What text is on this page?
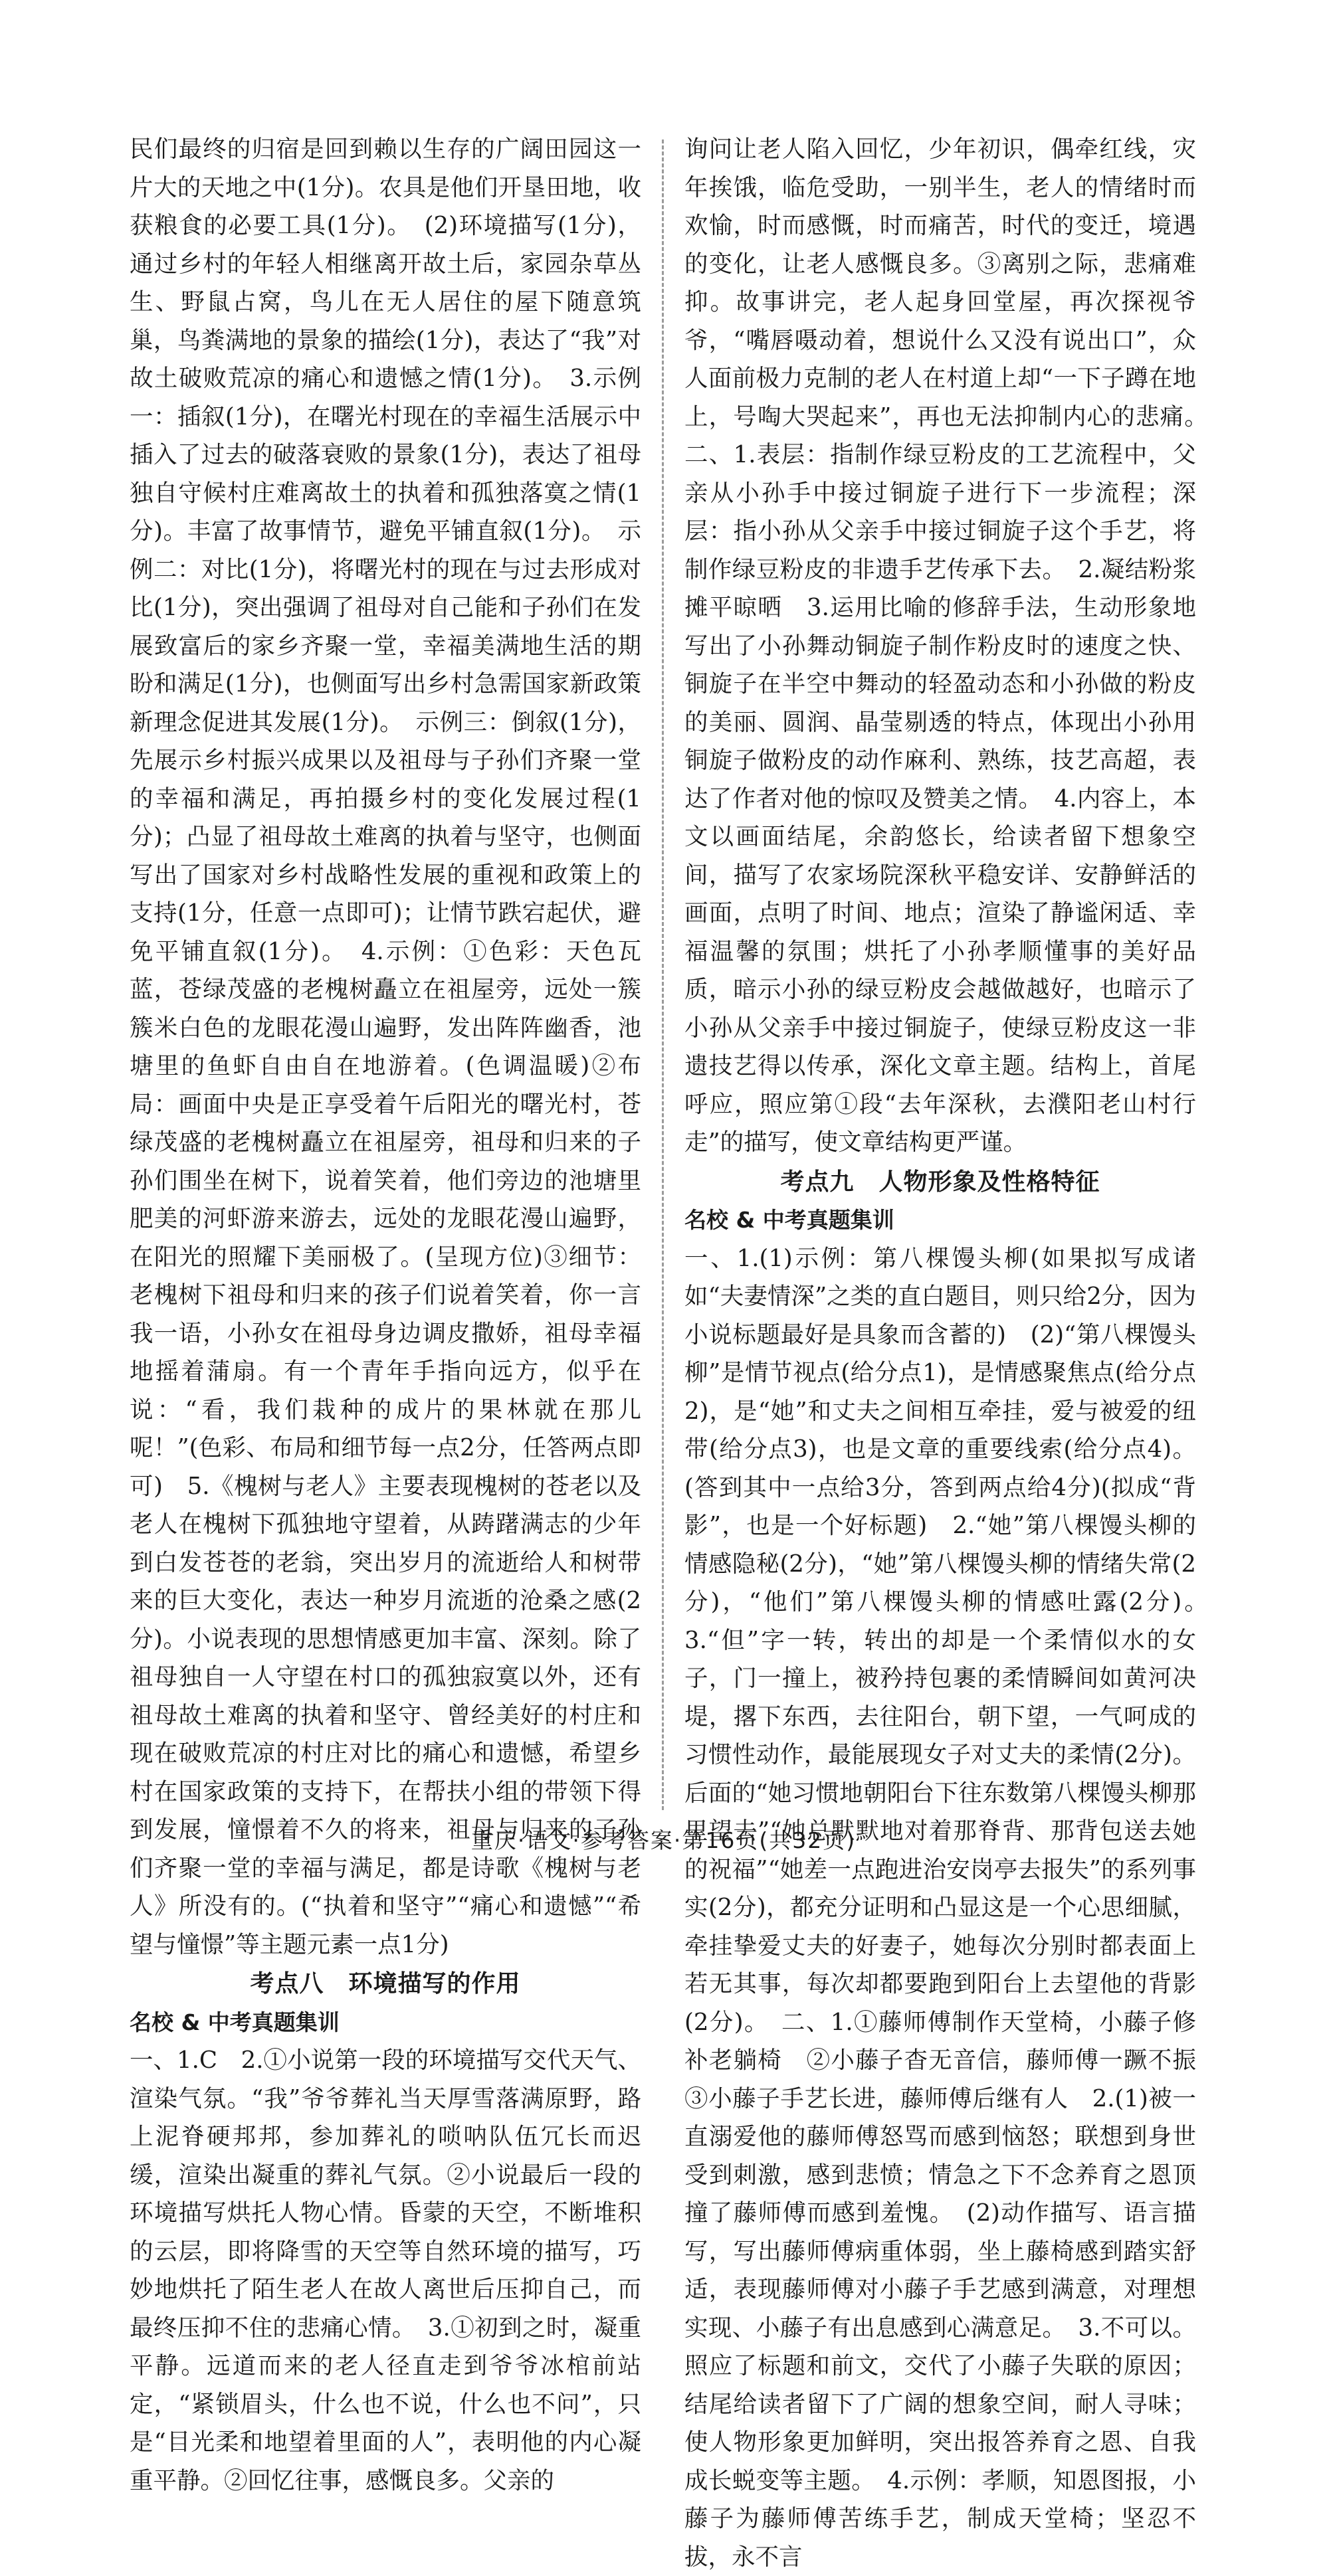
民们最终的归宿是回到赖以生存的广阔田园这一片大的天地之中(1分)。农具是他们开垦田地，收获粮食的必要工具(1分)。　(2)环境描写(1分)，通过乡村的年轻人相继离开故土后，家园杂草丛生、野鼠占窝，鸟儿在无人居住的屋下随意筑巢，鸟粪满地的景象的描绘(1分)，表达了“我”对故土破败荒凉的痛心和遗憾之情(1分)。　3.示例一：插叙(1分)，在曙光村现在的幸福生活展示中插入了过去的破落衰败的景象(1分)，表达了祖母独自守候村庄难离故土的执着和孤独落寞之情(1分)。丰富了故事情节，避免平铺直叙(1分)。　示例二：对比(1分)，将曙光村的现在与过去形成对比(1分)，突出强调了祖母对自己能和子孙们在发展致富后的家乡齐聚一堂，幸福美满地生活的期盼和满足(1分)，也侧面写出乡村急需国家新政策新理念促进其发展(1分)。　示例三：倒叙(1分)，先展示乡村振兴成果以及祖母与子孙们齐聚一堂的幸福和满足，再拍摄乡村的变化发展过程(1分)；凸显了祖母故土难离的执着与坚守，也侧面写出了国家对乡村战略性发展的重视和政策上的支持(1分，任意一点即可)；让情节跌宕起伏，避免平铺直叙(1分)。　4.示例：①色彩：天色瓦蓝，苍绿茂盛的老槐树矗立在祖屋旁，远处一簇簇米白色的龙眼花漫山遍野，发出阵阵幽香，池塘里的鱼虾自由自在地游着。(色调温暖)②布局：画面中央是正享受着午后阳光的曙光村，苍绿茂盛的老槐树矗立在祖屋旁，祖母和归来的子孙们围坐在树下，说着笑着，他们旁边的池塘里肥美的河虾游来游去，远处的龙眼花漫山遍野，在阳光的照耀下美丽极了。(呈现方位)③细节：老槐树下祖母和归来的孩子们说着笑着，你一言我一语，小孙女在祖母身边调皮撒娇，祖母幸福地摇着蒲扇。有一个青年手指向远方，似乎在说：“看，我们栽种的成片的果林就在那儿呢！”(色彩、布局和细节每一点2分，任答两点即可)　5.《槐树与老人》主要表现槐树的苍老以及老人在槐树下孤独地守望着，从踌躇满志的少年到白发苍苍的老翁，突出岁月的流逝给人和树带来的巨大变化，表达一种岁月流逝的沧桑之感(2分)。小说表现的思想情感更加丰富、深刻。除了祖母独自一人守望在村口的孤独寂寞以外，还有祖母故土难离的执着和坚守、曾经美好的村庄和现在破败荒凉的村庄对比的痛心和遗憾，希望乡村在国家政策的支持下，在帮扶小组的带领下得到发展，憧憬着不久的将来，祖母与归来的子孙们齐聚一堂的幸福与满足，都是诗歌《槐树与老人》所没有的。(“执着和坚守”“痛心和遗憾”“希望与憧憬”等主题元素一点1分)

考点八　环境描写的作用
名校 & 中考真题集训

一、1.C　2.①小说第一段的环境描写交代天气、渲染气氛。“我”爷爷葬礼当天厚雪落满原野，路上泥脊硬邦邦，参加葬礼的唢呐队伍冗长而迟缓，渲染出凝重的葬礼气氛。②小说最后一段的环境描写烘托人物心情。昏蒙的天空，不断堆积的云层，即将降雪的天空等自然环境的描写，巧妙地烘托了陌生老人在故人离世后压抑自己，而最终压抑不住的悲痛心情。　3.①初到之时，凝重平静。远道而来的老人径直走到爷爷冰棺前站定，“紧锁眉头，什么也不说，什么也不问”，只是“目光柔和地望着里面的人”，表明他的内心凝重平静。②回忆往事，感慨良多。父亲的

询问让老人陷入回忆，少年初识，偶牵红线，灾年挨饿，临危受助，一别半生，老人的情绪时而欢愉，时而感慨，时而痛苦，时代的变迁，境遇的变化，让老人感慨良多。③离别之际，悲痛难抑。故事讲完，老人起身回堂屋，再次探视爷爷，“嘴唇嗫动着，想说什么又没有说出口”，众人面前极力克制的老人在村道上却“一下子蹲在地上，号啕大哭起来”，再也无法抑制内心的悲痛。　二、1.表层：指制作绿豆粉皮的工艺流程中，父亲从小孙手中接过铜旋子进行下一步流程；深层：指小孙从父亲手中接过铜旋子这个手艺，将制作绿豆粉皮的非遗手艺传承下去。　2.凝结粉浆　摊平晾晒　3.运用比喻的修辞手法，生动形象地写出了小孙舞动铜旋子制作粉皮时的速度之快、铜旋子在半空中舞动的轻盈动态和小孙做的粉皮的美丽、圆润、晶莹剔透的特点，体现出小孙用铜旋子做粉皮的动作麻利、熟练，技艺高超，表达了作者对他的惊叹及赞美之情。　4.内容上，本文以画面结尾，余韵悠长，给读者留下想象空间，描写了农家场院深秋平稳安详、安静鲜活的画面，点明了时间、地点；渲染了静谧闲适、幸福温馨的氛围；烘托了小孙孝顺懂事的美好品质，暗示小孙的绿豆粉皮会越做越好，也暗示了小孙从父亲手中接过铜旋子，使绿豆粉皮这一非遗技艺得以传承，深化文章主题。结构上，首尾呼应，照应第①段“去年深秋，去濮阳老山村行走”的描写，使文章结构更严谨。

考点九　人物形象及性格特征
名校 & 中考真题集训

一、1.(1)示例：第八棵馒头柳(如果拟写成诸如“夫妻情深”之类的直白题目，则只给2分，因为小说标题最好是具象而含蓄的)　(2)“第八棵馒头柳”是情节视点(给分点1)，是情感聚焦点(给分点2)，是“她”和丈夫之间相互牵挂，爱与被爱的纽带(给分点3)，也是文章的重要线索(给分点4)。(答到其中一点给3分，答到两点给4分)(拟成“背影”，也是一个好标题)　2.“她”第八棵馒头柳的情感隐秘(2分)，“她”第八棵馒头柳的情绪失常(2分)，“他们”第八棵馒头柳的情感吐露(2分)。　3.“但”字一转，转出的却是一个柔情似水的女子，门一撞上，被矜持包裹的柔情瞬间如黄河决堤，撂下东西，去往阳台，朝下望，一气呵成的习惯性动作，最能展现女子对丈夫的柔情(2分)。后面的“她习惯地朝阳台下往东数第八棵馒头柳那里望去”“她总默默地对着那脊背、那背包送去她的祝福”“她差一点跑进治安岗亭去报失”的系列事实(2分)，都充分证明和凸显这是一个心思细腻，牵挂挚爱丈夫的好妻子，她每次分别时都表面上若无其事，每次却都要跑到阳台上去望他的背影(2分)。　二、1.①藤师傅制作天堂椅，小藤子修补老躺椅　②小藤子杳无音信，藤师傅一蹶不振　③小藤子手艺长进，藤师傅后继有人　2.(1)被一直溺爱他的藤师傅怒骂而感到恼怒；联想到身世受到刺激，感到悲愤；情急之下不念养育之恩顶撞了藤师傅而感到羞愧。　(2)动作描写、语言描写，写出藤师傅病重体弱，坐上藤椅感到踏实舒适，表现藤师傅对小藤子手艺感到满意，对理想实现、小藤子有出息感到心满意足。　3.不可以。照应了标题和前文，交代了小藤子失联的原因；结尾给读者留下了广阔的想象空间，耐人寻味；使人物形象更加鲜明，突出报答养育之恩、自我成长蜕变等主题。　4.示例：孝顺，知恩图报，小藤子为藤师傅苦练手艺，制成天堂椅；坚忍不拔，永不言

重庆·语文·参考答案·第16页(共32页)
